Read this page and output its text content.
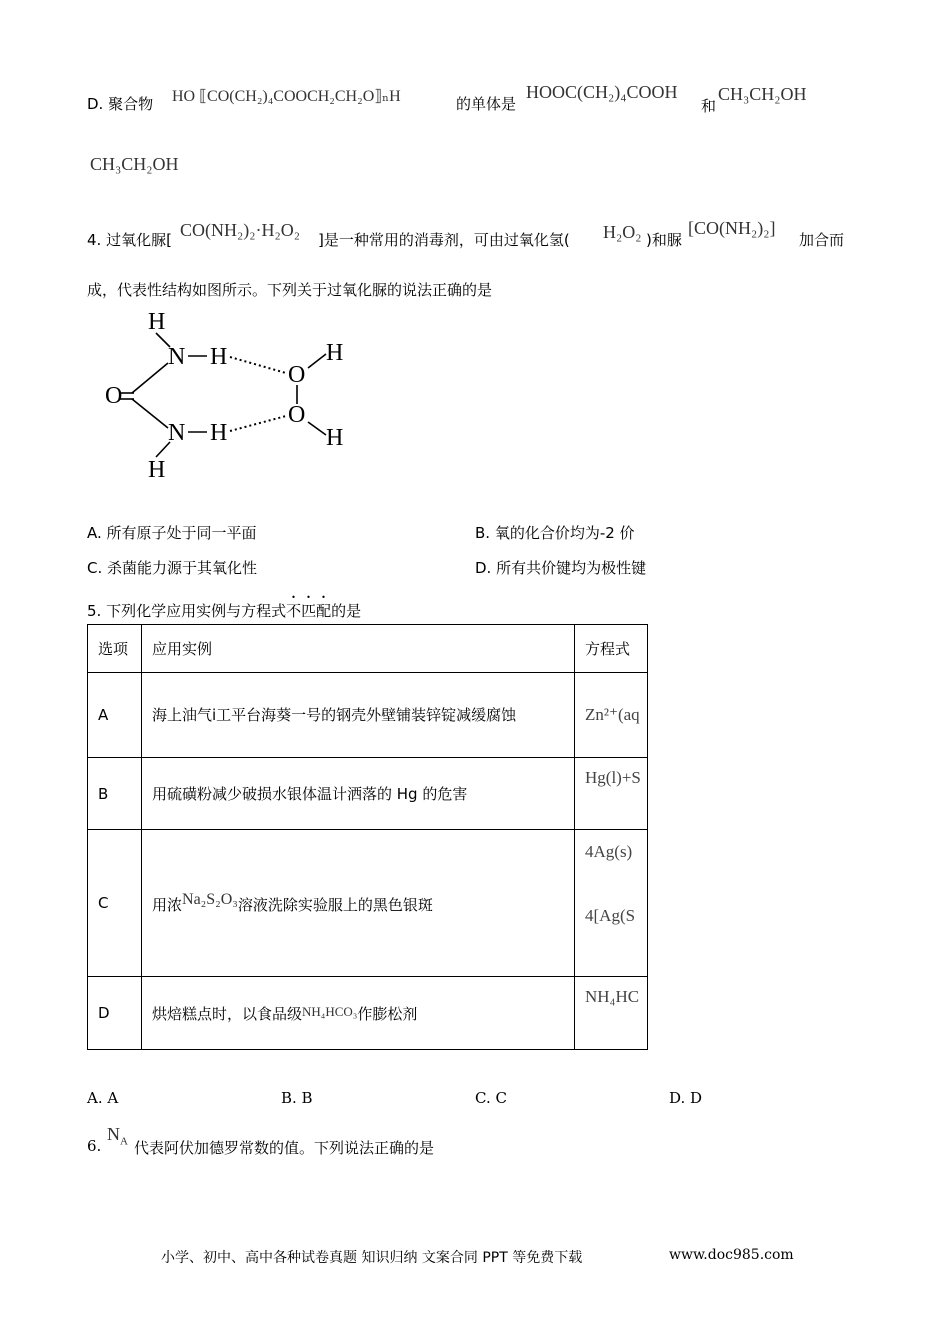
D. 聚合物 HO ⟦CO(CH₂)₄COOCH₂CH₂O⟧ₙH	的单体是
HOOC(CH₂)₄COOH
和
CH₃CH₂OH
CH₃CH₂OH
4. 过氧化脲[ CO(NH₂)₂·H₂O₂ ]是一种常用的消毒剂，可由过氧化氢( H₂O₂ )和脲
[CO(NH₂)₂]
加合而
成，代表性结构如图所示。下列关于过氧化脲的说法正确的是
H
N H
O
H
O
N H
O
H
H
A. 所有原子处于同一平面	B. 氧的化合价均为-2 价
C. 杀菌能力源于其氧化性	D. 所有共价键均为极性键
5. 下列化学应用实例与方程式不匹配的是
选项	应用实例	方程式
A	海上油气ⅰ工平台海葵一号的钢壳外壁铺装锌锭减缓腐蚀	Zn²⁺(aq
B	用硫磺粉减少破损水银体温计洒落的 Hg 的危害	Hg(l)+S
C	用浓Na₂S₂O₃溶液洗除实验服上的黑色银斑	4Ag(s)
4[Ag(S

D	烘焙糕点时，以食品级NH₄HCO₃作膨松剂	NH₄HC
A. A	B. B	C. C	D. D
6.
$N_A$ 代表阿伏加德罗常数的值。下列说法正确的是
小学、初中、高中各种试卷真题 知识归纳 文案合同 PPT 等免费下载	www.doc985.com
